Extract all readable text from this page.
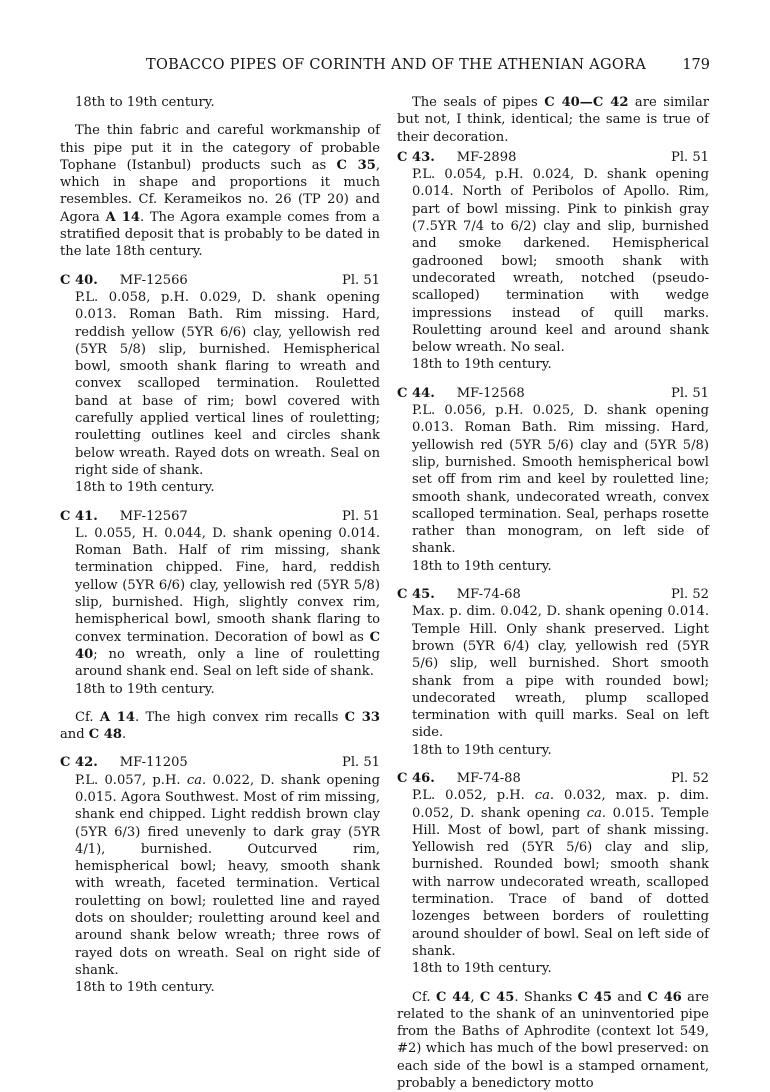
TOBACCO PIPES OF CORINTH AND OF THE ATHENIAN AGORA 179

18th to 19th century.

The thin fabric and careful workmanship of this pipe put it in the category of probable Tophane (Istanbul) products such as C 35, which in shape and proportions it much resembles. Cf. Kerameikos no. 26 (TP 20) and Agora A 14. The Agora example comes from a stratified deposit that is probably to be dated in the late 18th century.

C 40. MF-12566	Pl. 51

P.L. 0.058, p.H. 0.029, D. shank opening 0.013. Roman Bath. Rim missing. Hard, reddish yellow (5YR 6/6) clay, yellowish red (5YR 5/8) slip, burnished. Hemispherical bowl, smooth shank flaring to wreath and convex scalloped termination. Rouletted band at base of rim; bowl covered with carefully applied vertical lines of rouletting; rouletting outlines keel and circles shank below wreath. Rayed dots on wreath. Seal on right side of shank.

18th to 19th century.

C 41. MF-12567	Pl. 51

L. 0.055, H. 0.044, D. shank opening 0.014. Roman Bath. Half of rim missing, shank termination chipped. Fine, hard, reddish yellow (5YR 6/6) clay, yellowish red (5YR 5/8) slip, burnished. High, slightly convex rim, hemispherical bowl, smooth shank flaring to convex termination. Decoration of bowl as C 40; no wreath, only a line of rouletting around shank end. Seal on left side of shank.

18th to 19th century.

Cf. A 14. The high convex rim recalls C 33 and C 48.

C 42. MF-11205	Pl. 51

P.L. 0.057, p.H. ca. 0.022, D. shank opening 0.015. Agora Southwest. Most of rim missing, shank end chipped. Light reddish brown clay (5YR 6/3) fired unevenly to dark gray (5YR 4/1), burnished. Outcurved rim, hemispherical bowl; heavy, smooth shank with wreath, faceted termination. Vertical rouletting on bowl; rouletted line and rayed dots on shoulder; rouletting around keel and around shank below wreath; three rows of rayed dots on wreath. Seal on right side of shank.

18th to 19th century.

The seals of pipes C 40—C 42 are similar but not, I think, identical; the same is true of their decoration.

C 43. MF-2898	Pl. 51

P.L. 0.054, p.H. 0.024, D. shank opening 0.014. North of Peribolos of Apollo. Rim, part of bowl missing. Pink to pinkish gray (7.5YR 7/4 to 6/2) clay and slip, burnished and smoke darkened. Hemispherical gadrooned bowl; smooth shank with undecorated wreath, notched (pseudo-scalloped) termination with wedge impressions instead of quill marks. Rouletting around keel and around shank below wreath. No seal.

18th to 19th century.

C 44. MF-12568	Pl. 51

P.L. 0.056, p.H. 0.025, D. shank opening 0.013. Roman Bath. Rim missing. Hard, yellowish red (5YR 5/6) clay and (5YR 5/8) slip, burnished. Smooth hemispherical bowl set off from rim and keel by rouletted line; smooth shank, undecorated wreath, convex scalloped termination. Seal, perhaps rosette rather than monogram, on left side of shank.

18th to 19th century.

C 45. MF-74-68	Pl. 52

Max. p. dim. 0.042, D. shank opening 0.014. Temple Hill. Only shank preserved. Light brown (5YR 6/4) clay, yellowish red (5YR 5/6) slip, well burnished. Short smooth shank from a pipe with rounded bowl; undecorated wreath, plump scalloped termination with quill marks. Seal on left side.

18th to 19th century.

C 46. MF-74-88	Pl. 52

P.L. 0.052, p.H. ca. 0.032, max. p. dim. 0.052, D. shank opening ca. 0.015. Temple Hill. Most of bowl, part of shank missing. Yellowish red (5YR 5/6) clay and slip, burnished. Rounded bowl; smooth shank with narrow undecorated wreath, scalloped termination. Trace of band of dotted lozenges between borders of rouletting around shoulder of bowl. Seal on left side of shank.

18th to 19th century.

Cf. C 44, C 45. Shanks C 45 and C 46 are related to the shank of an uninventoried pipe from the Baths of Aphrodite (context lot 549, #2) which has much of the bowl preserved: on each side of the bowl is a stamped ornament, probably a benedictory motto
